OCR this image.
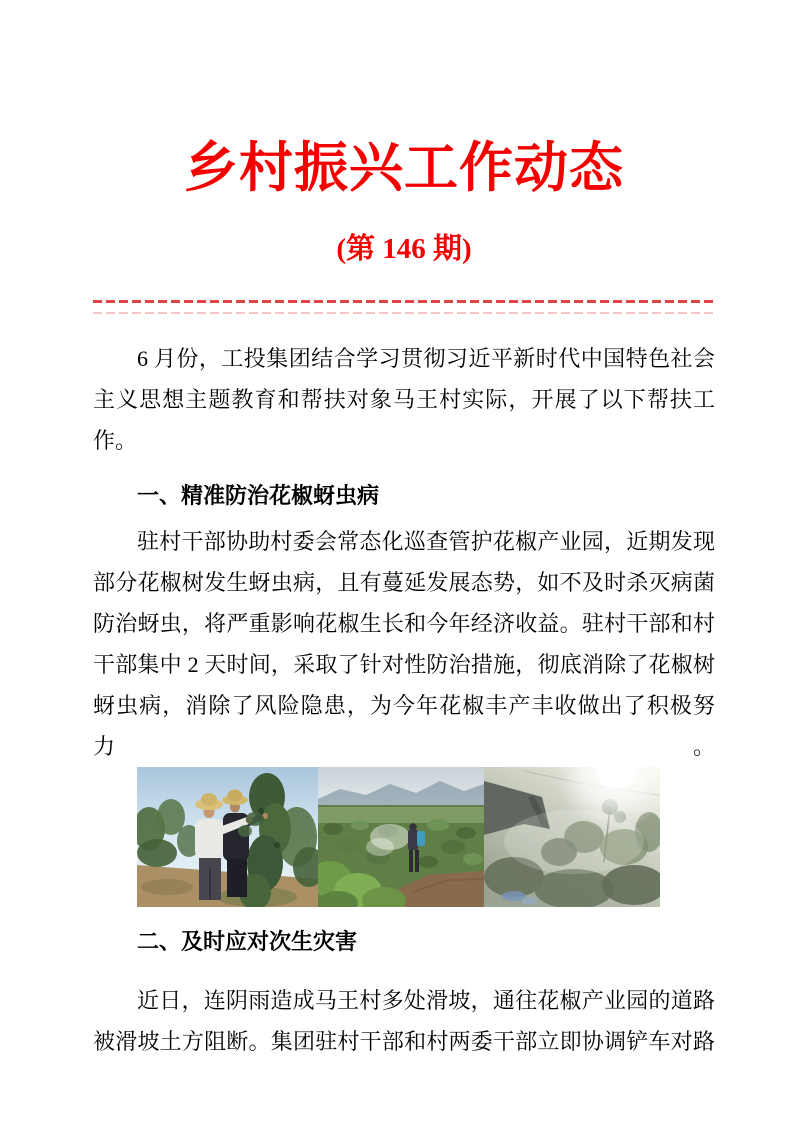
乡村振兴工作动态
(第 146 期)
6 月份，工投集团结合学习贯彻习近平新时代中国特色社会
主义思想主题教育和帮扶对象马王村实际，开展了以下帮扶工
作。
一、精准防治花椒蚜虫病
驻村干部协助村委会常态化巡查管护花椒产业园，近期发现
部分花椒树发生蚜虫病，且有蔓延发展态势，如不及时杀灭病菌
防治蚜虫，将严重影响花椒生长和今年经济收益。驻村干部和村
干部集中 2 天时间，采取了针对性防治措施，彻底消除了花椒树
蚜虫病，消除了风险隐患，为今年花椒丰产丰收做出了积极努力。
二、及时应对次生灾害
近日，连阴雨造成马王村多处滑坡，通往花椒产业园的道路
被滑坡土方阻断。集团驻村干部和村两委干部立即协调铲车对路
